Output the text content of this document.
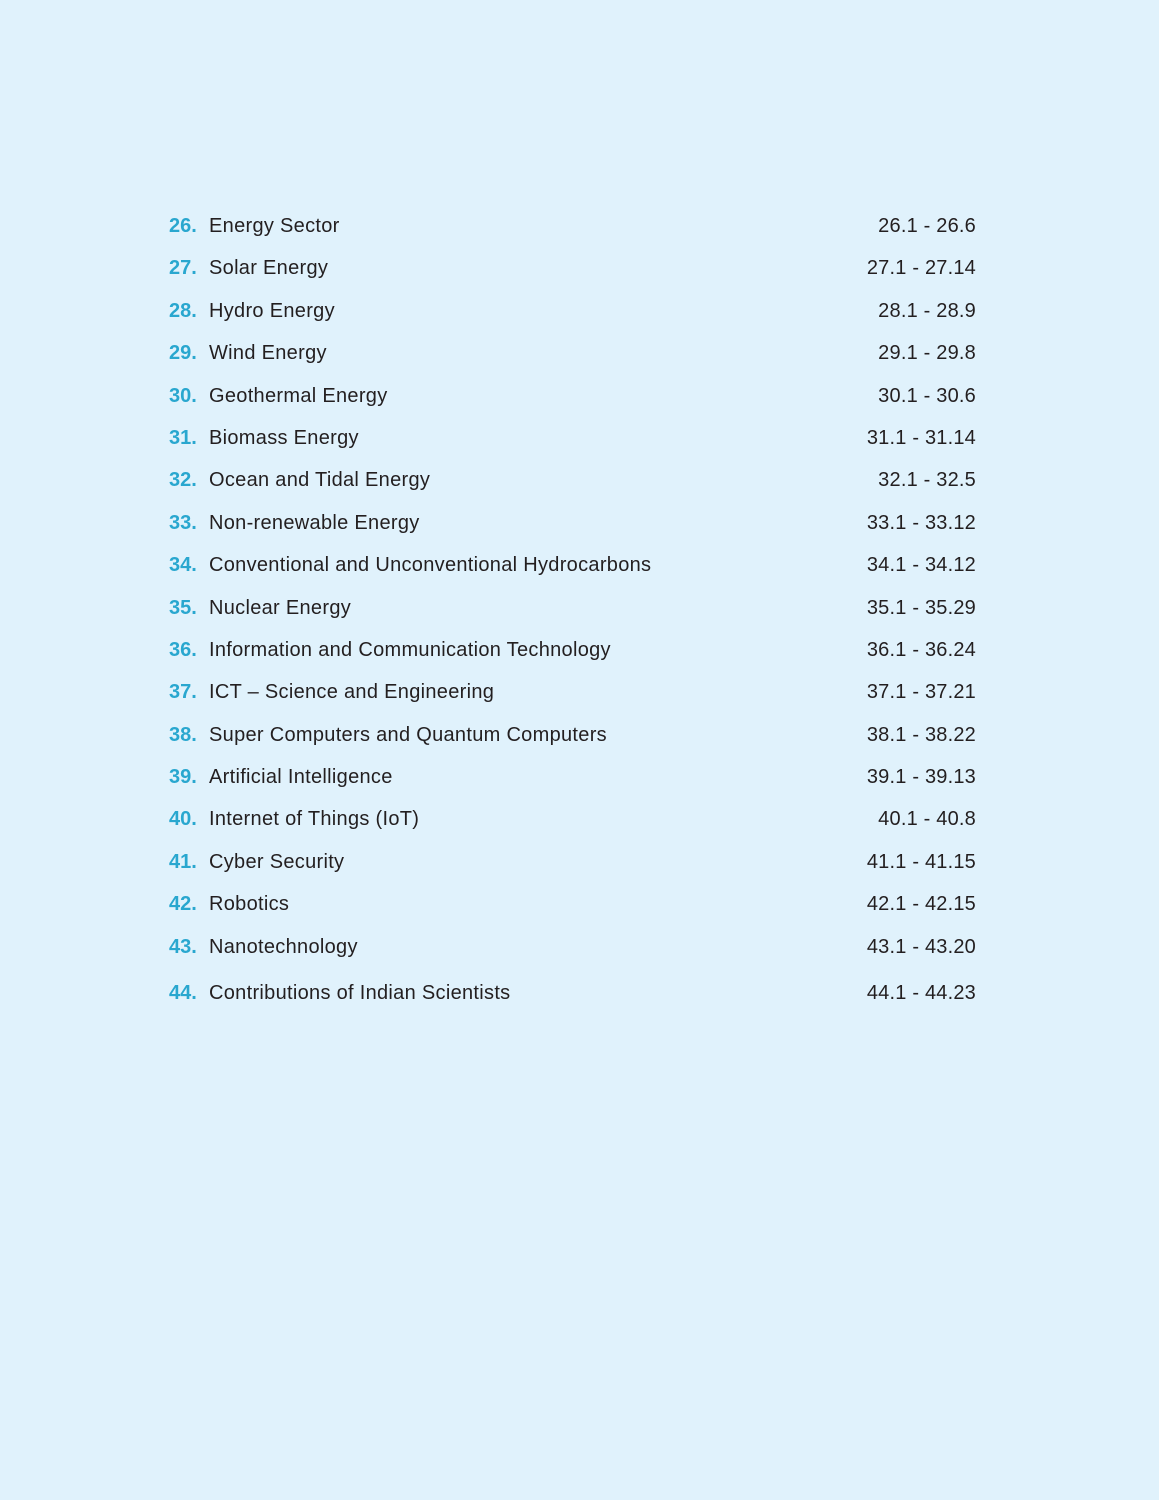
26. Energy Sector	26.1 - 26.6
27. Solar Energy	27.1 - 27.14
28. Hydro Energy	28.1 - 28.9
29. Wind Energy	29.1 - 29.8
30. Geothermal Energy	30.1 - 30.6
31. Biomass Energy	31.1 - 31.14
32. Ocean and Tidal Energy	32.1 - 32.5
33. Non-renewable Energy	33.1 - 33.12
34. Conventional and Unconventional Hydrocarbons	34.1 - 34.12
35. Nuclear Energy	35.1 - 35.29
36. Information and Communication Technology	36.1 - 36.24
37. ICT – Science and Engineering	37.1 - 37.21
38. Super Computers and Quantum Computers	38.1 - 38.22
39. Artificial Intelligence	39.1 - 39.13
40. Internet of Things (IoT)	40.1 - 40.8
41. Cyber Security	41.1 - 41.15
42. Robotics	42.1 - 42.15
43. Nanotechnology	43.1 - 43.20
44. Contributions of Indian Scientists	44.1 - 44.23
